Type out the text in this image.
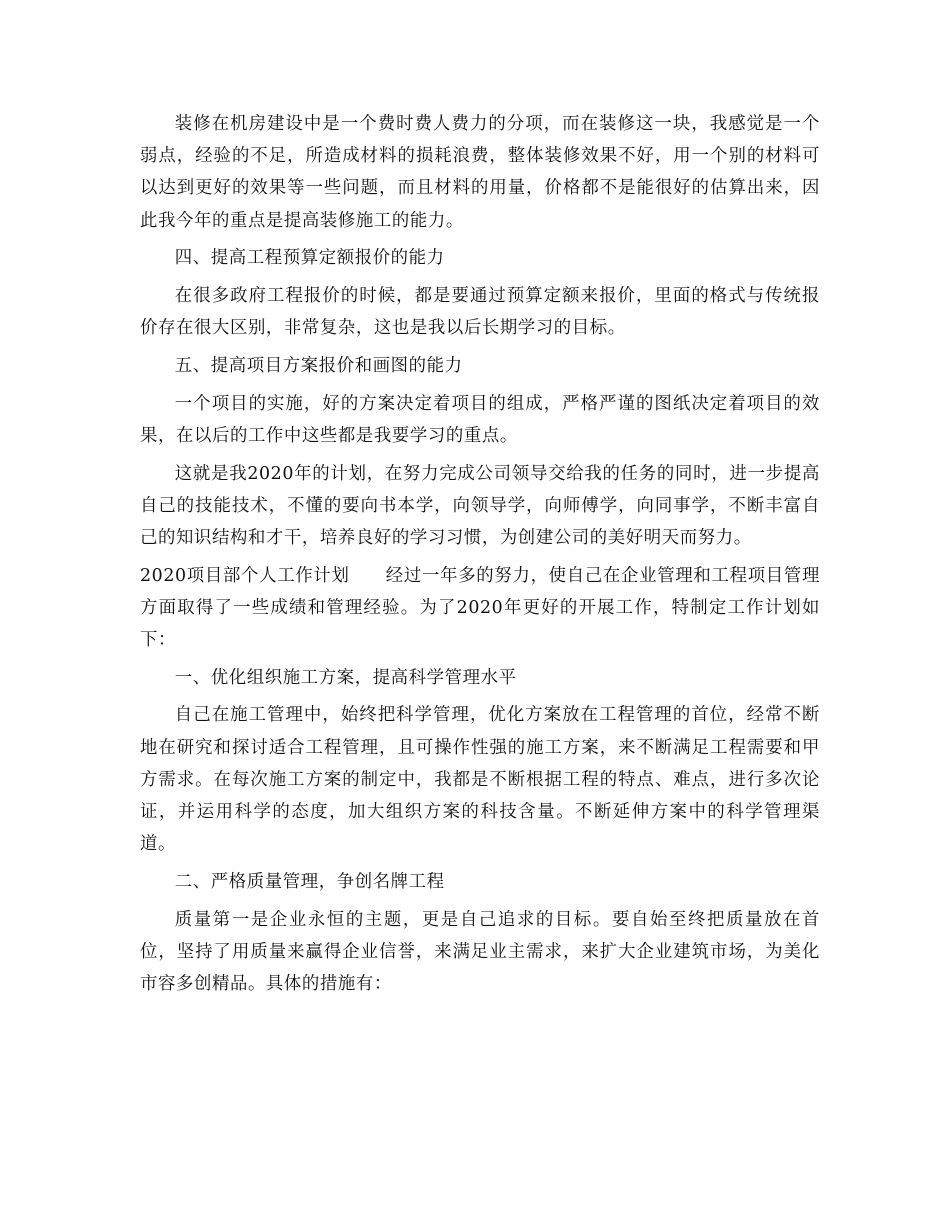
装修在机房建设中是一个费时费人费力的分项，而在装修这一块，我感觉是一个弱点，经验的不足，所造成材料的损耗浪费，整体装修效果不好，用一个别的材料可以达到更好的效果等一些问题，而且材料的用量，价格都不是能很好的估算出来，因此我今年的重点是提高装修施工的能力。

四、提高工程预算定额报价的能力

在很多政府工程报价的时候，都是要通过预算定额来报价，里面的格式与传统报价存在很大区别，非常复杂，这也是我以后长期学习的目标。

五、提高项目方案报价和画图的能力

一个项目的实施，好的方案决定着项目的组成，严格严谨的图纸决定着项目的效果，在以后的工作中这些都是我要学习的重点。

这就是我2020年的计划，在努力完成公司领导交给我的任务的同时，进一步提高自己的技能技术，不懂的要向书本学，向领导学，向师傅学，向同事学，不断丰富自己的知识结构和才干，培养良好的学习习惯，为创建公司的美好明天而努力。

2020项目部个人工作计划　　经过一年多的努力，使自己在企业管理和工程项目管理方面取得了一些成绩和管理经验。为了2020年更好的开展工作，特制定工作计划如下：

一、优化组织施工方案，提高科学管理水平

自己在施工管理中，始终把科学管理，优化方案放在工程管理的首位，经常不断地在研究和探讨适合工程管理，且可操作性强的施工方案，来不断满足工程需要和甲方需求。在每次施工方案的制定中，我都是不断根据工程的特点、难点，进行多次论证，并运用科学的态度，加大组织方案的科技含量。不断延伸方案中的科学管理渠道。

二、严格质量管理，争创名牌工程

质量第一是企业永恒的主题，更是自己追求的目标。要自始至终把质量放在首位，坚持了用质量来赢得企业信誉，来满足业主需求，来扩大企业建筑市场，为美化市容多创精品。具体的措施有：
